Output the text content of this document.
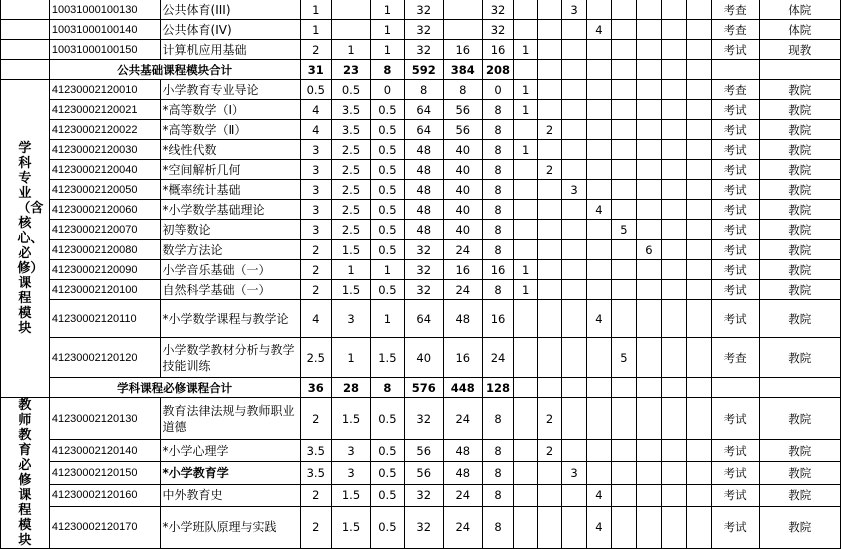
	10031000100130	公共体育(III)	1		1	32		32			3						考查	体院
	10031000100140	公共体育(IV)	1		1	32		32				4					考查	体院
	10031000100150	计算机应用基础	2	1	1	32	16	16	1								考试	现教
	公共基础课程模块合计		31	23	8	592	384	208										
学科专业（含核心、必修）课程模块	41230002120010	小学教育专业导论	0.5	0.5	0	8	8	0	1								考查	教院
	41230002120021	*高等数学（Ⅰ）	4	3.5	0.5	64	56	8	1								考试	教院
	41230002120022	*高等数学（Ⅱ）	4	3.5	0.5	64	56	8		2							考试	教院
	41230002120030	*线性代数	3	2.5	0.5	48	40	8	1								考试	教院
	41230002120040	*空间解析几何	3	2.5	0.5	48	40	8		2							考试	教院
	41230002120050	*概率统计基础	3	2.5	0.5	48	40	8			3						考试	教院
	41230002120060	*小学数学基础理论	3	2.5	0.5	48	40	8				4					考试	教院
	41230002120070	初等数论	3	2.5	0.5	48	40	8					5				考试	教院
	41230002120080	数学方法论	2	1.5	0.5	32	24	8						6			考试	教院
	41230002120090	小学音乐基础（一）	2	1	1	32	16	16	1								考试	教院
	41230002120100	自然科学基础（一）	2	1.5	0.5	32	24	8	1								考试	教院
	41230002120110	*小学数学课程与教学论	4	3	1	64	48	16				4					考试	教院
	41230002120120	小学数学教材分析与教学技能训练	2.5	1	1.5	40	16	24					5				考查	教院
	学科课程必修课程合计		36	28	8	576	448	128										
教师教育必修课程模块	41230002120130	教育法律法规与教师职业道德	2	1.5	0.5	32	24	8		2							考试	教院
	41230002120140	*小学心理学	3.5	3	0.5	56	48	8		2							考试	教院
	41230002120150	*小学教育学	3.5	3	0.5	56	48	8			3						考试	教院
	41230002120160	中外教育史	2	1.5	0.5	32	24	8				4					考试	教院
	41230002120170	*小学班队原理与实践	2	1.5	0.5	32	24	8				4					考试	教院
